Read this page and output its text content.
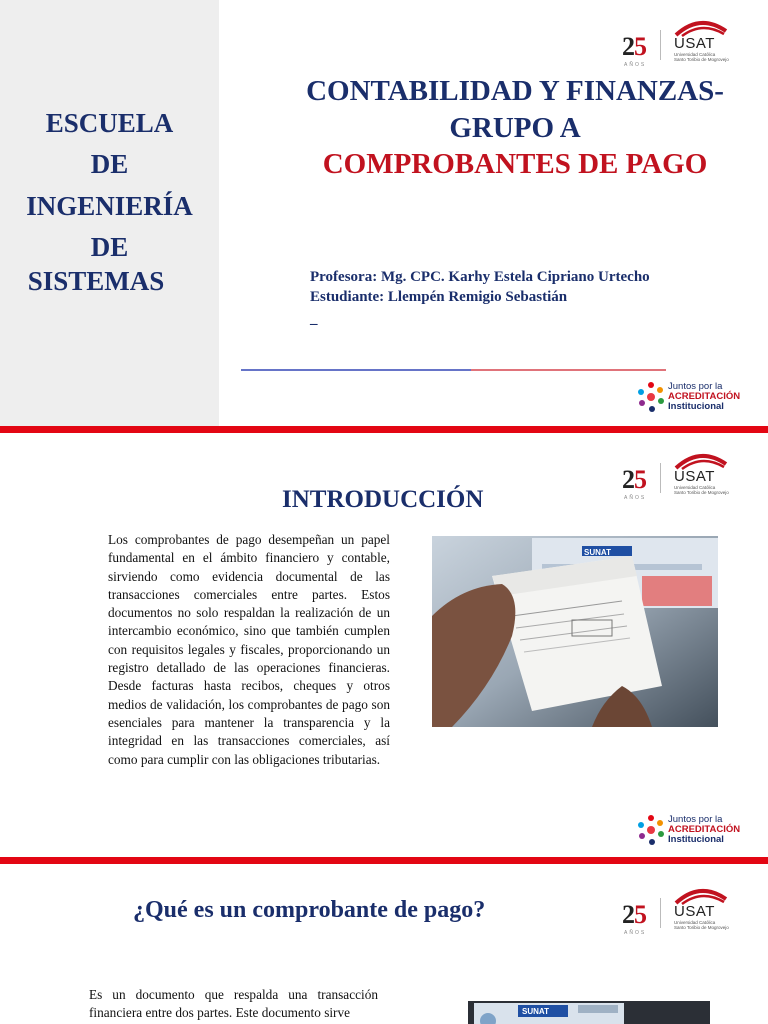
ESCUELA
DE
INGENIERÍA
DE
SISTEMAS
2 5
AÑOS
USAT
Universidad Católica
Santo Toribio de Mogrovejo
CONTABILIDAD Y FINANZAS-
GRUPO A
COMPROBANTES DE PAGO
Profesora: Mg. CPC. Karhy Estela Cipriano Urtecho
Estudiante: Llempén Remigio Sebastián
_
Juntos por la
ACREDITACIÓN
Institucional
2 5
AÑOS
USAT
Universidad Católica
Santo Toribio de Mogrovejo
INTRODUCCIÓN
Los comprobantes de pago desempeñan un papel fundamental en el ámbito financiero y contable, sirviendo como evidencia documental de las transacciones comerciales entre partes. Estos documentos no solo respaldan la realización de un intercambio económico, sino que también cumplen con requisitos legales y fiscales, proporcionando un registro detallado de las operaciones financieras. Desde facturas hasta recibos, cheques y otros medios de validación, los comprobantes de pago son esenciales para mantener la transparencia y la integridad en las transacciones comerciales, así como para cumplir con las obligaciones tributarias.
SUNAT
Juntos por la
ACREDITACIÓN
Institucional
2 5
AÑOS
USAT
Universidad Católica
Santo Toribio de Mogrovejo
¿Qué es un comprobante de pago?
Es un documento que respalda una transacción financiera entre dos partes. Este documento sirve	SUNAT
